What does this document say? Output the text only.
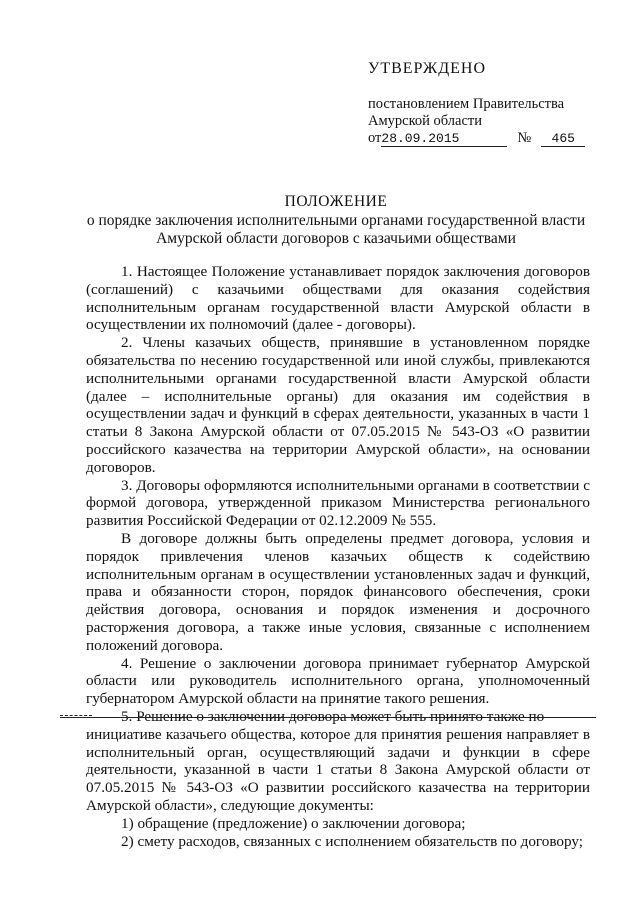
УТВЕРЖДЕНО
постановлением Правительства
Амурской области
от28.09.2015	№ 465
ПОЛОЖЕНИЕ
о порядке заключения исполнительными органами государственной власти
Амурской области договоров с казачьими обществами

1. Настоящее Положение устанавливает порядок заключения договоров (соглашений) с казачьими обществами для оказания содействия исполнительным органам государственной власти Амурской области в осуществлении их полномочий (далее - договоры).

2. Члены казачьих обществ, принявшие в установленном порядке обязательства по несению государственной или иной службы, привлекаются исполнительными органами государственной власти Амурской области (далее – исполнительные органы) для оказания им содействия в осуществлении задач и функций в сферах деятельности, указанных в части 1 статьи 8 Закона Амурской области от 07.05.2015 № 543-ОЗ «О развитии российского казачества на территории Амурской области», на основании договоров.

3. Договоры оформляются исполнительными органами в соответствии с формой договора, утвержденной приказом Министерства регионального развития Российской Федерации от 02.12.2009 № 555.

В договоре должны быть определены предмет договора, условия и порядок привлечения членов казачьих обществ к содействию исполнительным органам в осуществлении установленных задач и функций, права и обязанности сторон, порядок финансового обеспечения, сроки действия договора, основания и порядок изменения и досрочного расторжения договора, а также иные условия, связанные с исполнением положений договора.

4. Решение о заключении договора принимает губернатор Амурской области или руководитель исполнительного органа, уполномоченный губернатором Амурской области на принятие такого решения.

5. Решение о заключении договора может быть принято также по

инициативе казачьего общества, которое для принятия решения направляет в исполнительный орган, осуществляющий задачи и функции в сфере деятельности, указанной в части 1 статьи 8 Закона Амурской области от 07.05.2015 № 543-ОЗ «О развитии российского казачества на территории Амурской области», следующие документы:

1) обращение (предложение) о заключении договора;

2) смету расходов, связанных с исполнением обязательств по договору;
